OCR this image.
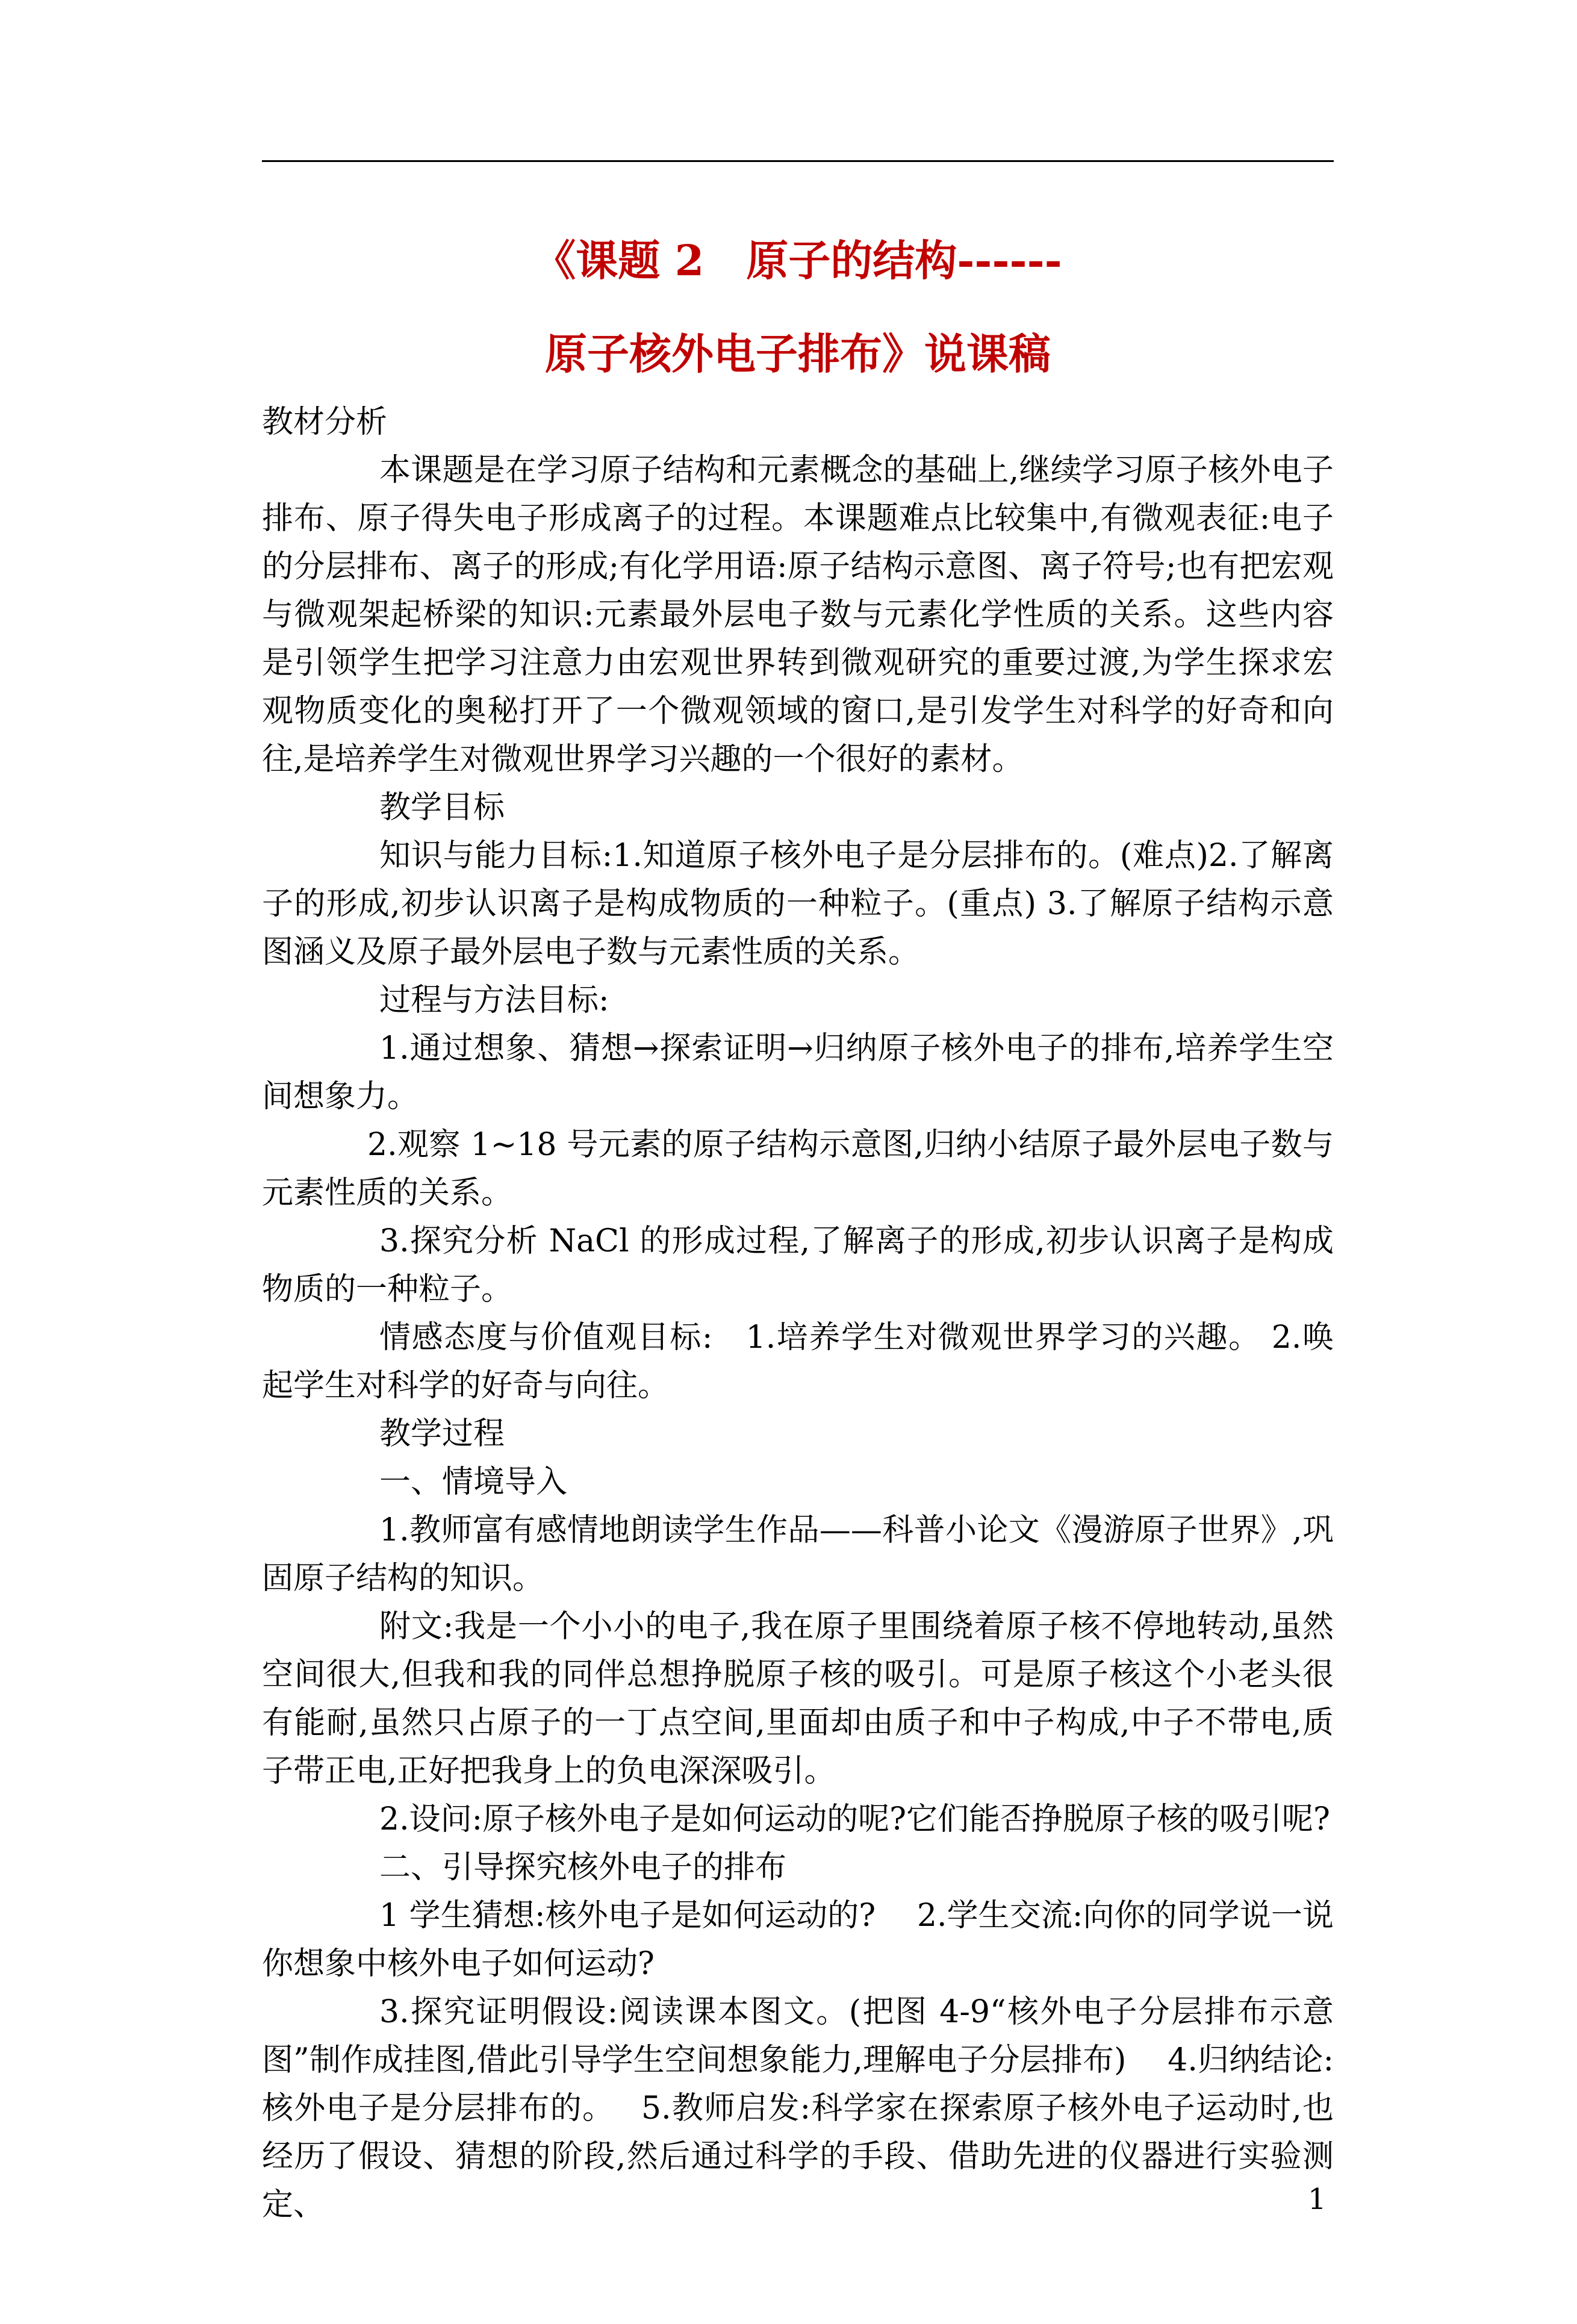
《课题 2　原子的结构------
原子核外电子排布》说课稿

教材分析

本课题是在学习原子结构和元素概念的基础上,继续学习原子核外电子排布、原子得失电子形成离子的过程。本课题难点比较集中,有微观表征:电子的分层排布、离子的形成;有化学用语:原子结构示意图、离子符号;也有把宏观与微观架起桥梁的知识:元素最外层电子数与元素化学性质的关系。这些内容是引领学生把学习注意力由宏观世界转到微观研究的重要过渡,为学生探求宏观物质变化的奥秘打开了一个微观领域的窗口,是引发学生对科学的好奇和向往,是培养学生对微观世界学习兴趣的一个很好的素材。

教学目标

知识与能力目标:1.知道原子核外电子是分层排布的。(难点)2.了解离子的形成,初步认识离子是构成物质的一种粒子。(重点) 3.了解原子结构示意图涵义及原子最外层电子数与元素性质的关系。

过程与方法目标:

1.通过想象、猜想→探索证明→归纳原子核外电子的排布,培养学生空间想象力。

2.观察 1~18 号元素的原子结构示意图,归纳小结原子最外层电子数与元素性质的关系。

3.探究分析 NaCl 的形成过程,了解离子的形成,初步认识离子是构成物质的一种粒子。

情感态度与价值观目标:　1.培养学生对微观世界学习的兴趣。 2.唤起学生对科学的好奇与向往。

教学过程

一、情境导入

1.教师富有感情地朗读学生作品——科普小论文《漫游原子世界》,巩固原子结构的知识。

附文:我是一个小小的电子,我在原子里围绕着原子核不停地转动,虽然空间很大,但我和我的同伴总想挣脱原子核的吸引。可是原子核这个小老头很有能耐,虽然只占原子的一丁点空间,里面却由质子和中子构成,中子不带电,质子带正电,正好把我身上的负电深深吸引。

2.设问:原子核外电子是如何运动的呢?它们能否挣脱原子核的吸引呢?

二、引导探究核外电子的排布

1 学生猜想:核外电子是如何运动的?　 2.学生交流:向你的同学说一说你想象中核外电子如何运动?

3.探究证明假设:阅读课本图文。(把图 4-9“核外电子分层排布示意图”制作成挂图,借此引导学生空间想象能力,理解电子分层排布)　 4.归纳结论:核外电子是分层排布的。　 5.教师启发:科学家在探索原子核外电子运动时,也经历了假设、猜想的阶段,然后通过科学的手段、借助先进的仪器进行实验测定、	1
